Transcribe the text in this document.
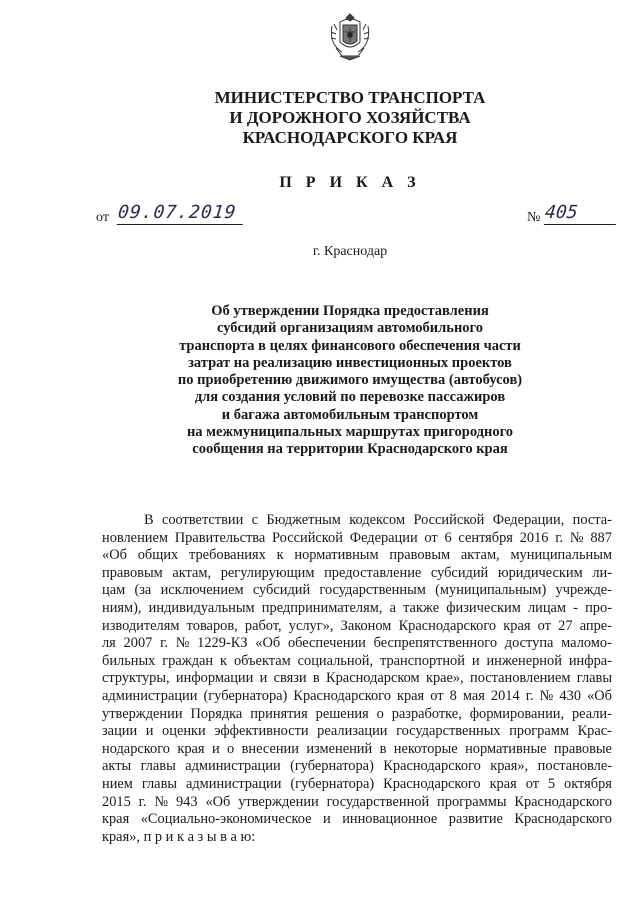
МИНИСТЕРСТВО ТРАНСПОРТА
И ДОРОЖНОГО ХОЗЯЙСТВА
КРАСНОДАРСКОГО КРАЯ
П Р И К А З
от 09.07.2019	№ 405
г. Краснодар
Об утверждении Порядка предоставления
субсидий организациям автомобильного
транспорта в целях финансового обеспечения части
затрат на реализацию инвестиционных проектов
по приобретению движимого имущества (автобусов)
для создания условий по перевозке пассажиров
и багажа автомобильным транспортом
на межмуниципальных маршрутах пригородного
сообщения на территории Краснодарского края
В соответствии с Бюджетным кодексом Российской Федерации, поста-
новлением Правительства Российской Федерации от 6 сентября 2016 г. № 887
«Об общих требованиях к нормативным правовым актам, муниципальным
правовым актам, регулирующим предоставление субсидий юридическим ли-
цам (за исключением субсидий государственным (муниципальным) учрежде-
ниям), индивидуальным предпринимателям, а также физическим лицам - про-
изводителям товаров, работ, услуг», Законом Краснодарского края от 27 апре-
ля 2007 г. № 1229-КЗ «Об обеспечении беспрепятственного доступа маломо-
бильных граждан к объектам социальной, транспортной и инженерной инфра-
структуры, информации и связи в Краснодарском крае», постановлением главы
администрации (губернатора) Краснодарского края от 8 мая 2014 г. № 430 «Об
утверждении Порядка принятия решения о разработке, формировании, реали-
зации и оценки эффективности реализации государственных программ Крас-
нодарского края и о внесении изменений в некоторые нормативные правовые
акты главы администрации (губернатора) Краснодарского края», постановле-
нием главы администрации (губернатора) Краснодарского края от 5 октября
2015 г. № 943 «Об утверждении государственной программы Краснодарского
края «Социально-экономическое и инновационное развитие Краснодарского
края», п р и к а з ы в а ю:
